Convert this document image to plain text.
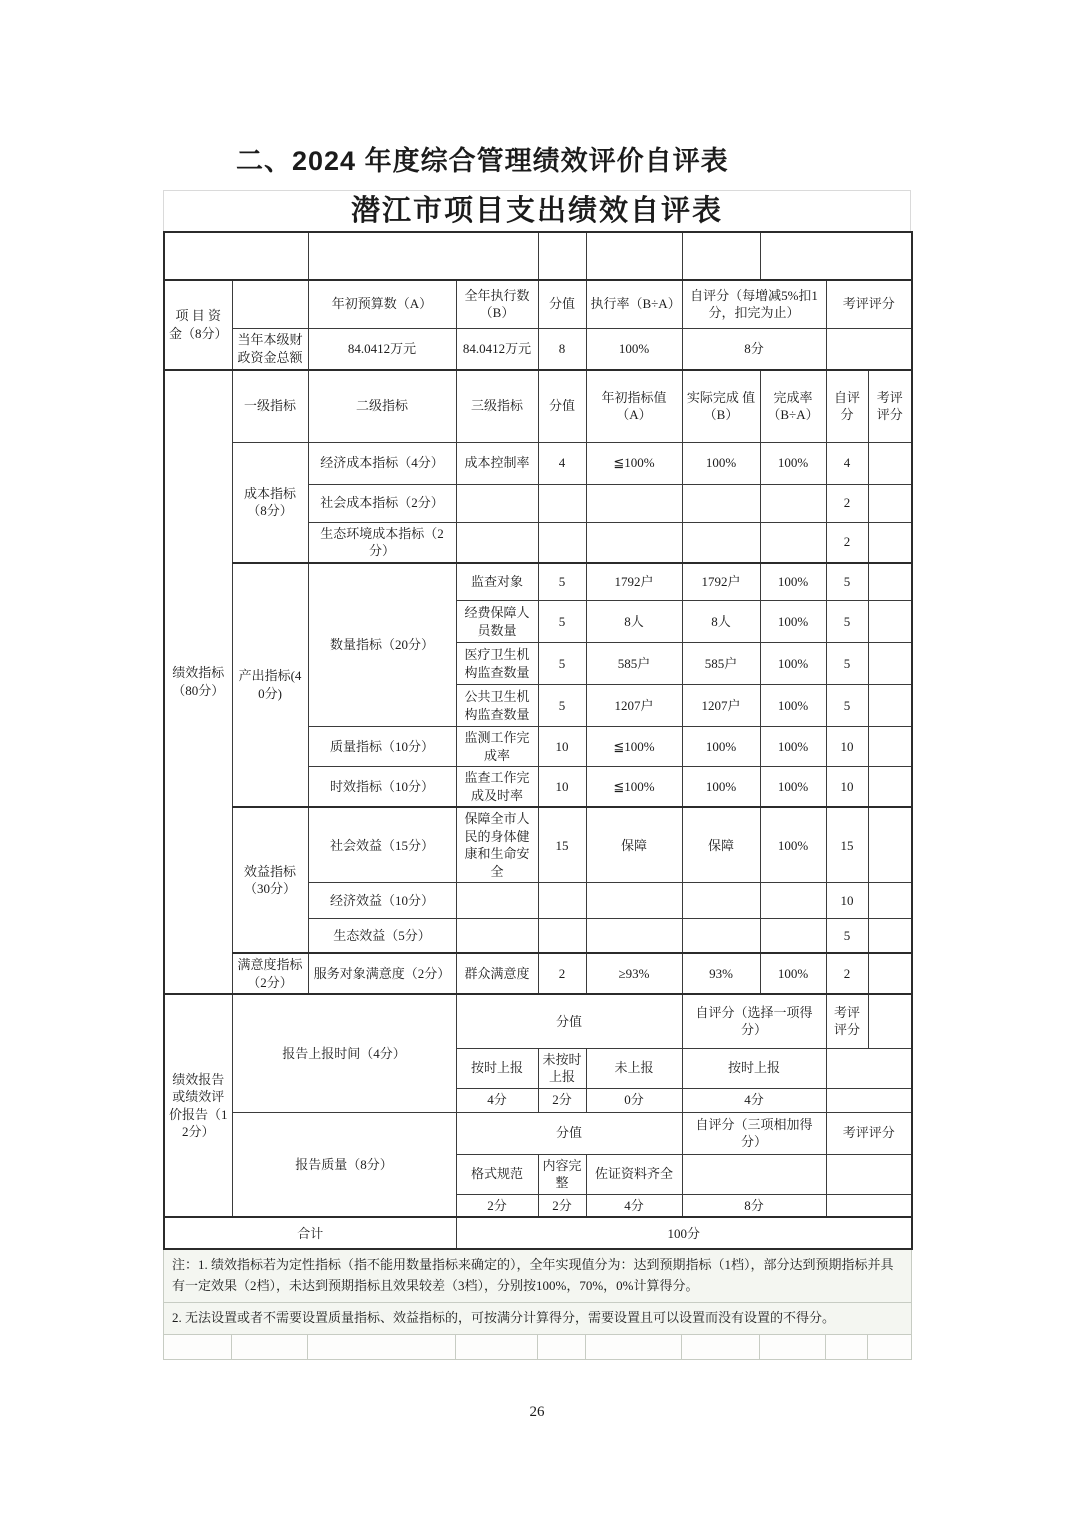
二、2024 年度综合管理绩效评价自评表
潜江市项目支出绩效自评表

项 目 资 金（8分）		年初预算数（A）	全年执行数（B）	分值	执行率（B÷A）	自评分（每增减5%扣1分，扣完为止）		考评评分	
	当年本级财政资金总额	84.0412万元	84.0412万元	8	100%	8分			
绩效指标（80分）	一级指标	二级指标	三级指标	分值	年初指标值（A）	实际完成 值（B）	完成率（B÷A）	自评分	考评评分
	成本指标（8分）	经济成本指标（4分）	成本控制率	4	≦100%	100%	100%	4	
		社会成本指标（2分）						2	
		生态环境成本指标（2分）						2	
	产出指标(40分)	数量指标（20分）	监查对象	5	1792户	1792户	100%	5	
			经费保障人员数量	5	8人	8人	100%	5	
			医疗卫生机构监查数量	5	585户	585户	100%	5	
			公共卫生机构监查数量	5	1207户	1207户	100%	5	
		质量指标（10分）	监测工作完成率	10	≦100%	100%	100%	10	
		时效指标（10分）	监查工作完成及时率	10	≦100%	100%	100%	10	
	效益指标（30分）	社会效益（15分）	保障全市人民的身体健康和生命安全	15	保障	保障	100%	15	
		经济效益（10分）						10	
		生态效益（5分）						5	
	满意度指标（2分）	服务对象满意度（2分）	群众满意度	2	≥93%	93%	100%	2	
绩效报告或绩效评价报告（12分）	报告上报时间（4分）		分值			自评分（选择一项得分）		考评评分	
			按时上报	未按时上报	未上报	按时上报			
			4分	2分	0分	4分			
	报告质量（8分）		分值			自评分（三项相加得分）		考评评分	
			格式规范	内容完整	佐证资料齐全				
			2分	2分	4分	8分			
合计			100分						
注：1. 绩效指标若为定性指标（指不能用数量指标来确定的），全年实现值分为：达到预期指标（1档），部分达到预期指标并具有一定效果（2档），未达到预期指标且效果较差（3档），分别按100%，70%，0%计算得分。
2. 无法设置或者不需要设置质量指标、效益指标的，可按满分计算得分，需要设置且可以设置而没有设置的不得分。

26
